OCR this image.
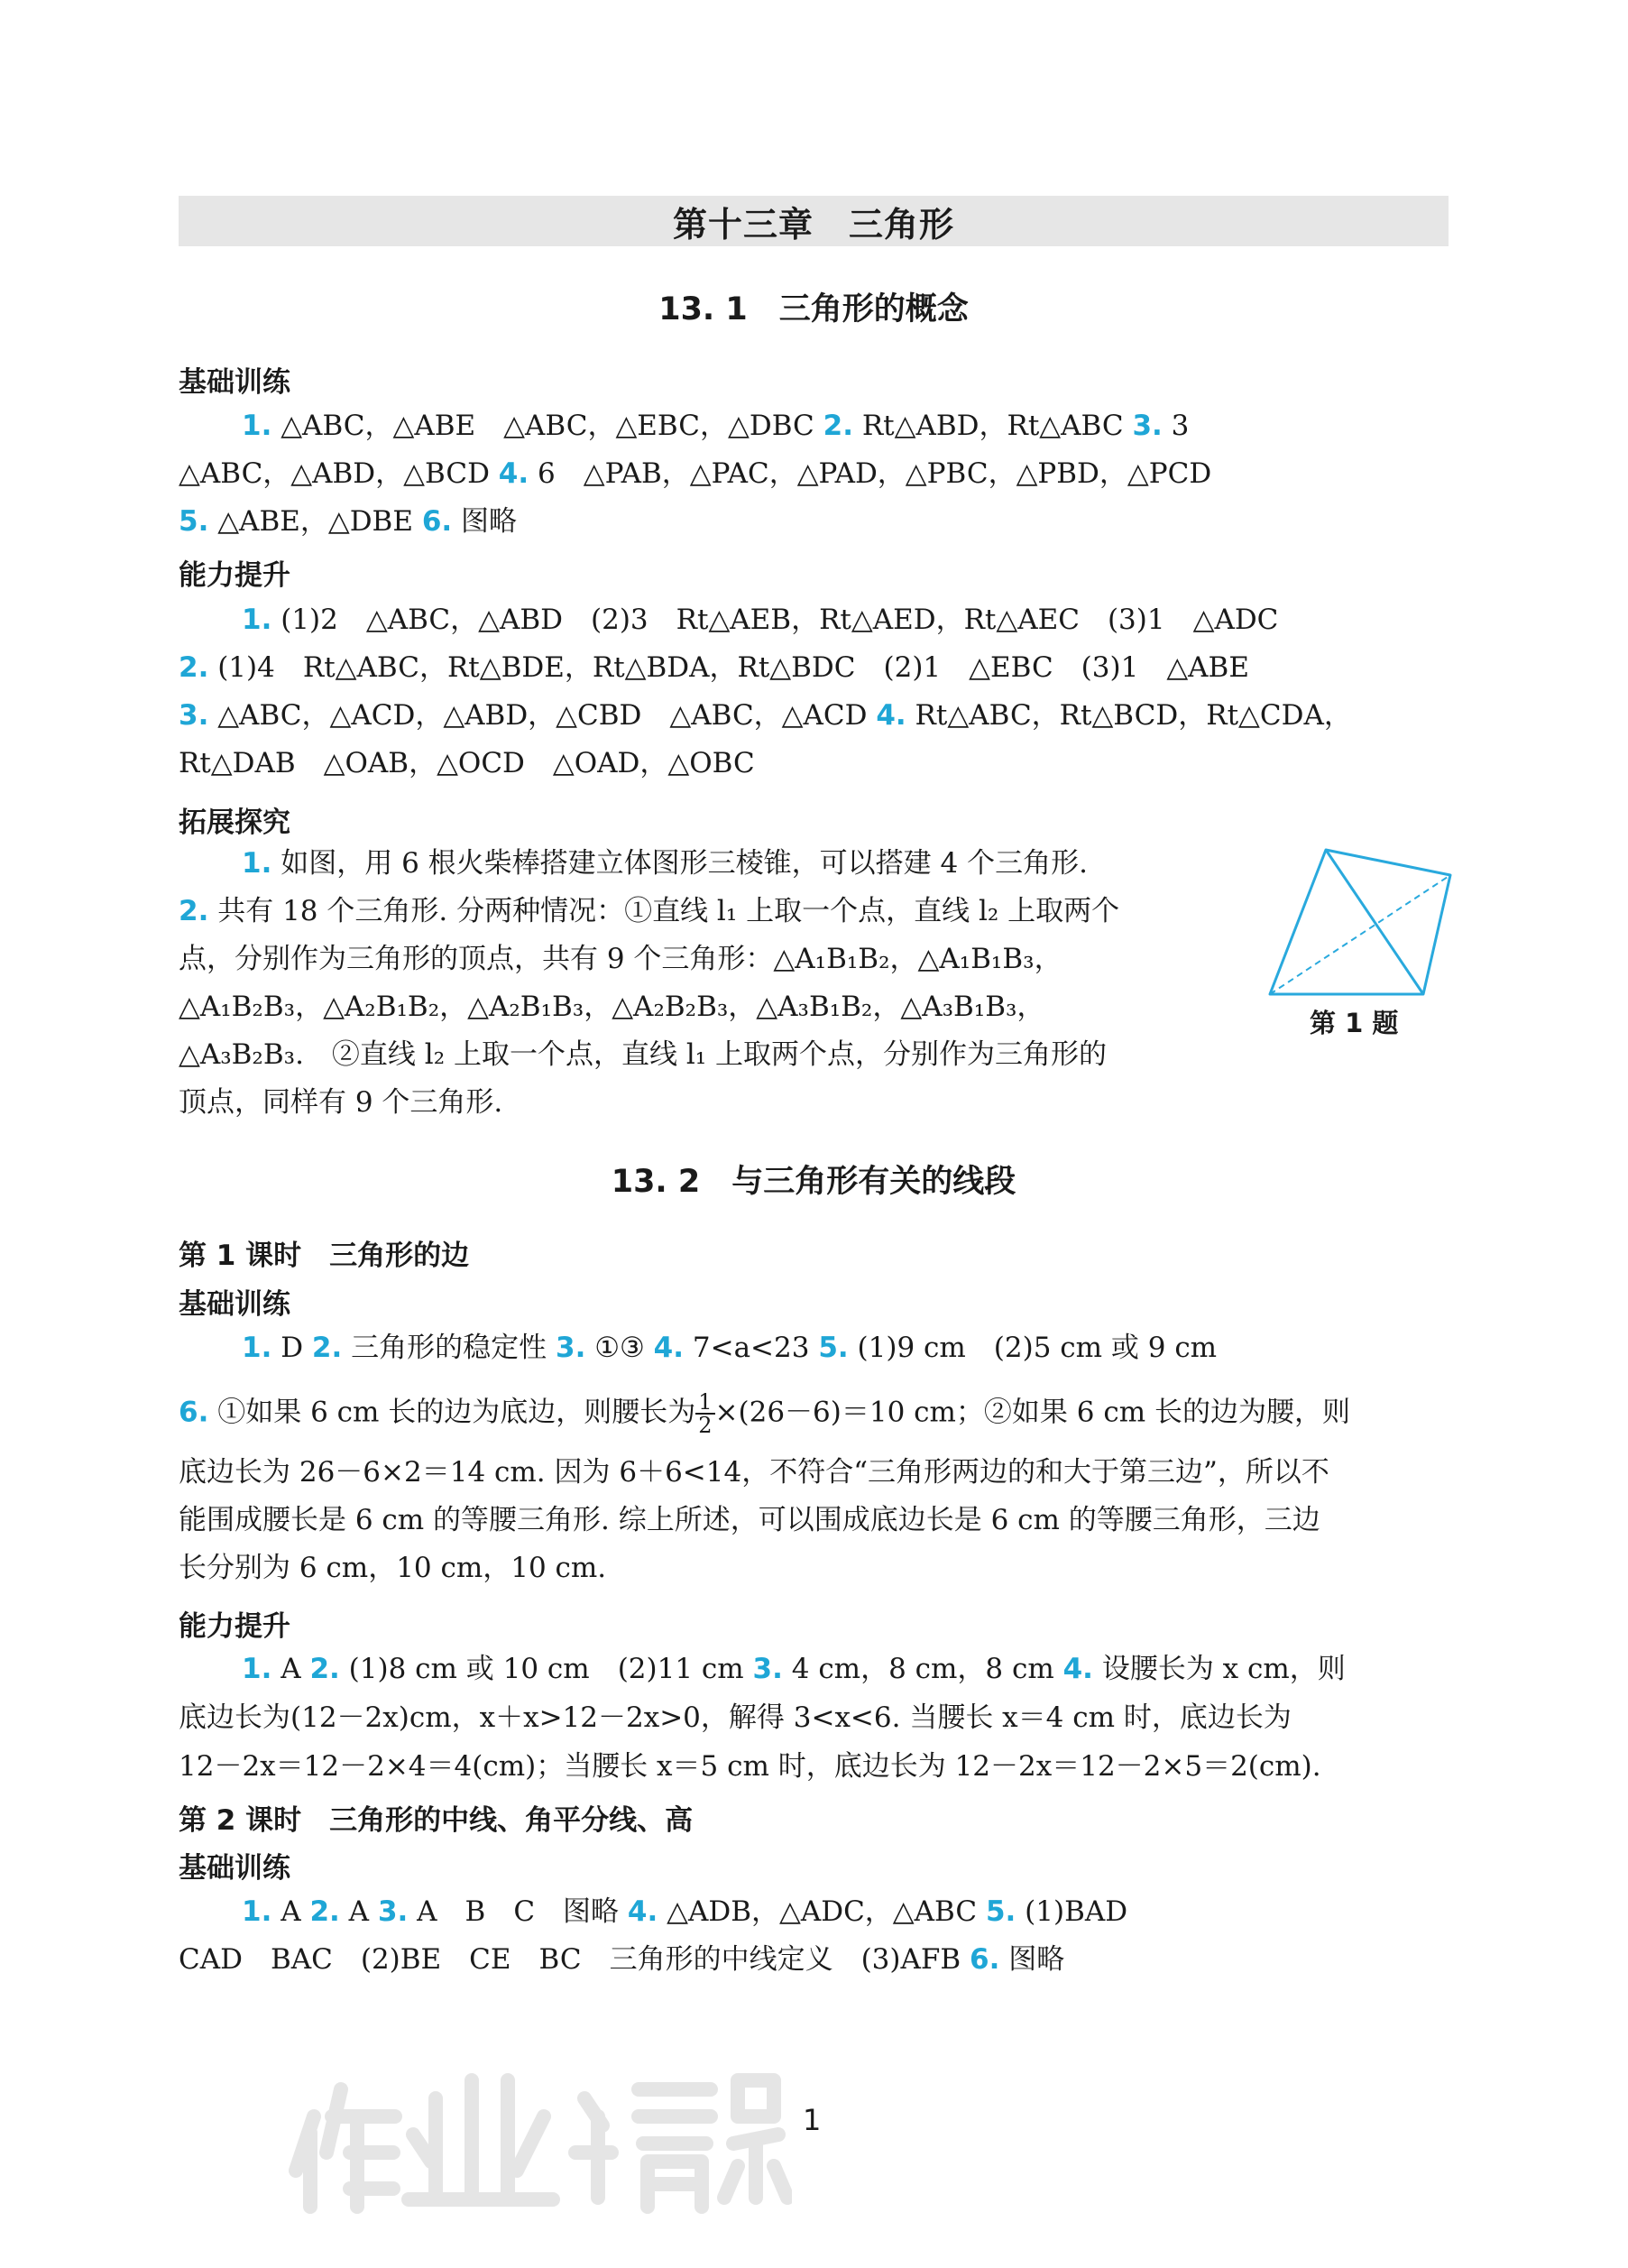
第十三章　三角形
13. 1　三角形的概念
基础训练
1. △ABC，△ABE　△ABC，△EBC，△DBC 2. Rt△ABD，Rt△ABC 3. 3
△ABC，△ABD，△BCD 4. 6　△PAB，△PAC，△PAD，△PBC，△PBD，△PCD
5. △ABE，△DBE 6. 图略
能力提升
1. (1)2　△ABC，△ABD　(2)3　Rt△AEB，Rt△AED，Rt△AEC　(3)1　△ADC
2. (1)4　Rt△ABC，Rt△BDE，Rt△BDA，Rt△BDC　(2)1　△EBC　(3)1　△ABE
3. △ABC，△ACD，△ABD，△CBD　△ABC，△ACD 4. Rt△ABC，Rt△BCD，Rt△CDA，
Rt△DAB　△OAB，△OCD　△OAD，△OBC
拓展探究
1. 如图，用 6 根火柴棒搭建立体图形三棱锥，可以搭建 4 个三角形.
2. 共有 18 个三角形. 分两种情况：①直线 l₁ 上取一个点，直线 l₂ 上取两个
点，分别作为三角形的顶点，共有 9 个三角形：△A₁B₁B₂，△A₁B₁B₃，
△A₁B₂B₃，△A₂B₁B₂，△A₂B₁B₃，△A₂B₂B₃，△A₃B₁B₂，△A₃B₁B₃，
△A₃B₂B₃.　②直线 l₂ 上取一个点，直线 l₁ 上取两个点，分别作为三角形的
顶点，同样有 9 个三角形.
第 1 题
13. 2　与三角形有关的线段
第 1 课时　三角形的边
基础训练
1. D 2. 三角形的稳定性 3. ①③ 4. 7<a<23 5. (1)9 cm　(2)5 cm 或 9 cm
6. ①如果 6 cm 长的边为底边，则腰长为 $\frac{1}{2} \times(26-6)=10$ cm；②如果 6 cm 长的边为腰，则
底边长为 26－6×2＝14 cm. 因为 6＋6<14，不符合“三角形两边的和大于第三边”，所以不
能围成腰长是 6 cm 的等腰三角形. 综上所述，可以围成底边长是 6 cm 的等腰三角形，三边
长分别为 6 cm，10 cm，10 cm.
能力提升
1. A 2. (1)8 cm 或 10 cm　(2)11 cm 3. 4 cm，8 cm，8 cm 4. 设腰长为 x cm，则
底边长为(12－2x)cm，x＋x>12－2x>0，解得 3<x<6. 当腰长 x＝4 cm 时，底边长为
12－2x＝12－2×4＝4(cm)；当腰长 x＝5 cm 时，底边长为 12－2x＝12－2×5＝2(cm).
第 2 课时　三角形的中线、角平分线、高
基础训练
1. A 2. A 3. A　B　C　图略 4. △ADB，△ADC，△ABC 5. (1)BAD
CAD　BAC　(2)BE　CE　BC　三角形的中线定义　(3)AFB 6. 图略
1
